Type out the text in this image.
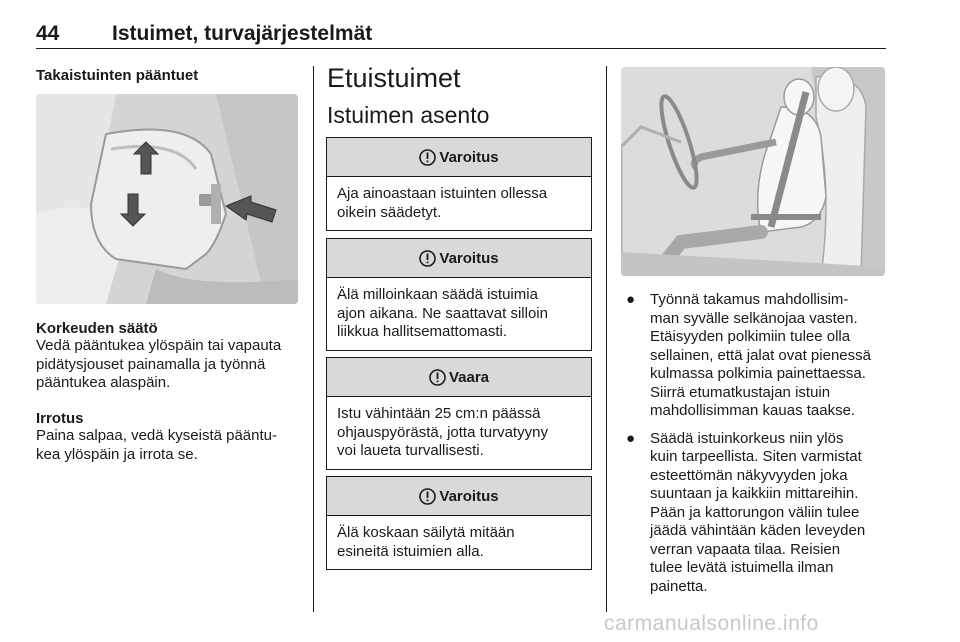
44	Istuimet, turvajärjestelmät
Takaistuinten pääntuet
Korkeuden säätö
Vedä pääntukea ylöspäin tai vapauta
pidätysjouset painamalla ja työnnä
pääntukea alaspäin.
Irrotus
Paina salpaa, vedä kyseistä pääntu-
kea ylöspäin ja irrota se.
Etuistuimet
Istuimen asento
Varoitus
Aja ainoastaan istuinten ollessa
oikein säädetyt.
Varoitus
Älä milloinkaan säädä istuimia
ajon aikana. Ne saattavat silloin
liikkua hallitsemattomasti.
Vaara
Istu vähintään 25 cm:n päässä
ohjauspyörästä, jotta turvatyyny
voi laueta turvallisesti.
Varoitus
Älä koskaan säilytä mitään
esineitä istuimien alla.
● Työnnä takamus mahdollisim-
man syvälle selkänojaa vasten.
Etäisyyden polkimiin tulee olla
sellainen, että jalat ovat pienessä
kulmassa polkimia painettaessa.
Siirrä etumatkustajan istuin
mahdollisimman kauas taakse.
● Säädä istuinkorkeus niin ylös
kuin tarpeellista. Siten varmistat
esteettömän näkyvyyden joka
suuntaan ja kaikkiin mittareihin.
Pään ja kattorungon väliin tulee
jäädä vähintään käden leveyden
verran vapaata tilaa. Reisien
tulee levätä istuimella ilman
painetta.
carmanualsonline.info
